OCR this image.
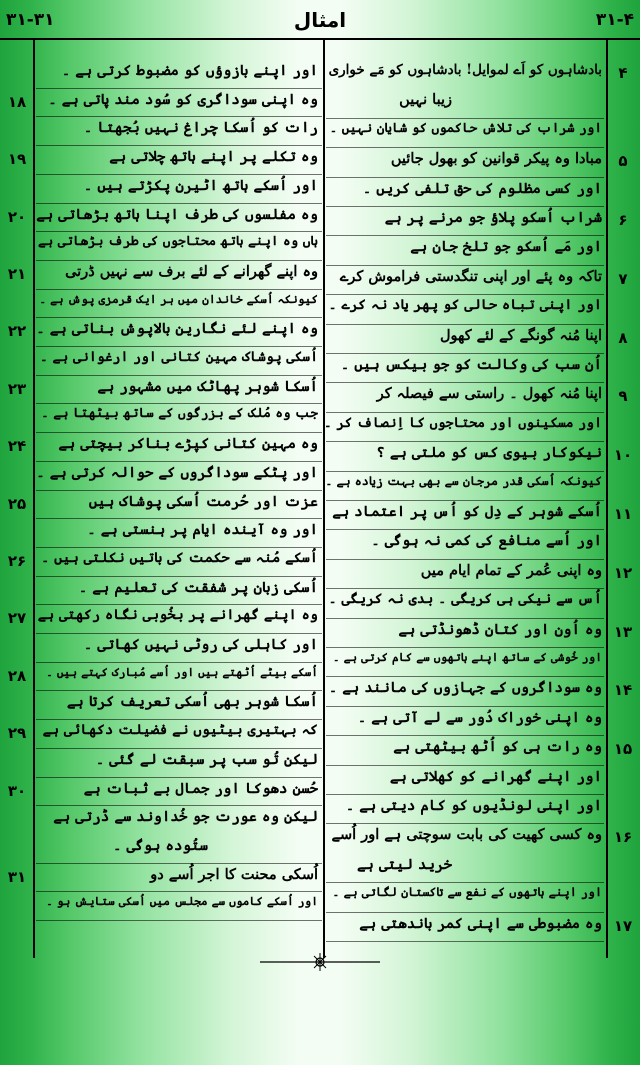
۳۱-۳۱	امثال	۳۱-۴
۴
بادشاہوں کو اَے لموایل! بادشاہوں کو مَے خواری
زیبا نہیں
اور شراب کی تلاش حاکموں کو شایان نہیں ۔
۵
مبادا وہ پیکر قوانین کو بھول جائیں
اور کسی مظلوم کی حق تلفی کریں ۔
۶
شراب اُسکو پلاؤ جو مرنے پر ہے
اور مَے اُسکو جو تلخ جان ہے
۷
تاکہ وہ پئے اور اپنی تنگدستی فراموش کرے
اور اپنی تباہ حالی کو پھر یاد نہ کرے ۔
۸
اپنا مُنہ گونگے کے لئے کھول
اُن سب کی وکالت کو جو بیکس ہیں ۔
۹
اپنا مُنہ کھول ۔ راستی سے فیصلہ کر
اور مسکینوں اور محتاجوں کا اِنصاف کر ۔
۱۰
نیکوکار بیوی کس کو ملتی ہے ؟
کیونکہ اُسکی قدر مرجان سے بھی بہت زیادہ ہے ۔
۱۱
اُسکے شوہر کے دِل کو اُس پر اعتماد ہے
اور اُسے منافع کی کمی نہ ہوگی ۔
۱۲
وہ اپنی عُمر کے تمام ایام میں
اُس سے نیکی ہی کریگی ۔ بدی نہ کریگی ۔
۱۳
وہ اُون اور کتان ڈھونڈتی ہے
اور خُوشی کے ساتھ اپنے ہاتھوں سے کام کرتی ہے ۔
۱۴
وہ سوداگروں کے جہازوں کی مانند ہے ۔
وہ اپنی خوراک دُور سے لے آتی ہے ۔
۱۵
وہ رات ہی کو اُٹھ بیٹھتی ہے
اور اپنے گھرانے کو کھلاتی ہے
اور اپنی لونڈیوں کو کام دیتی ہے ۔
۱۶
وہ کسی کھیت کی بابت سوچتی ہے اور اُسے
خرید لیتی ہے
اور اپنے ہاتھوں کے نفع سے تاکستان لگاتی ہے ۔
۱۷
وہ مضبوطی سے اپنی کمر باندھتی ہے
اور اپنے بازوؤں کو مضبوط کرتی ہے ۔
۱۸	وہ اپنی سوداگری کو سُود مند پاتی ہے ۔
رات کو اُسکا چراغ نہیں بُجھتا ۔
۱۹	وہ تکلے پر اپنے ہاتھ چلاتی ہے
اور اُسکے ہاتھ اٹیرن پکڑتے ہیں ۔
۲۰ وہ مفلسوں کی طرف اپنا ہاتھ بڑھاتی ہے
ہاں وہ اپنے ہاتھ محتاجوں کی طرف بڑھاتی ہے
۲۱	وہ اپنے گھرانے کے لئے برف سے نہیں ڈرتی
کیونکہ اُسکے خاندان میں ہر ایک قرمزی پوش ہے ۔
۲۲ وہ اپنے لئے نگارین بالاپوش بناتی ہے ۔
اُسکی پوشاک مہین کتانی اور ارغوانی ہے ۔
۲۳	اُسکا شوہر پھاٹک میں مشہور ہے
جب وہ مُلک کے بزرگوں کے ساتھ بیٹھتا ہے ۔
۲۴	وہ مہین کتانی کپڑے بناکر بیچتی ہے
اور پٹکے سوداگروں کے حوالہ کرتی ہے ۔
۲۵	عزت اور حُرمت اُسکی پوشاک ہیں
اور وہ آیندہ ایام پر ہنستی ہے ۔
۲۶	اُسکے مُنہ سے حکمت کی باتیں نکلتی ہیں ۔
اُسکی زبان پر شفقت کی تعلیم ہے ۔
۲۷ وہ اپنے گھرانے پر بخُوبی نگاہ رکھتی ہے
اور کاہلی کی روٹی نہیں کھاتی ۔
۲۸	اُسکے بیٹے اُٹھتے ہیں اور اُسے مُبارک کہتے ہیں ۔
اُسکا شوہر بھی اُسکی تعریف کرتا ہے
۲۹	کہ بہتیری بیٹیوں نے فضیلت دکھائی ہے
لیکن تُو سب پر سبقت لے گئی ۔
۳۰	حُسن دھوکا اور جمال بے ثبات ہے
لیکن وہ عورت جو خُداوند سے ڈرتی ہے
ستُودہ ہوگی ۔
۳۱	اُسکی محنت کا اجر اُسے دو
اور اُسکے کاموں سے مجلس میں اُسکی ستایش ہو ۔
